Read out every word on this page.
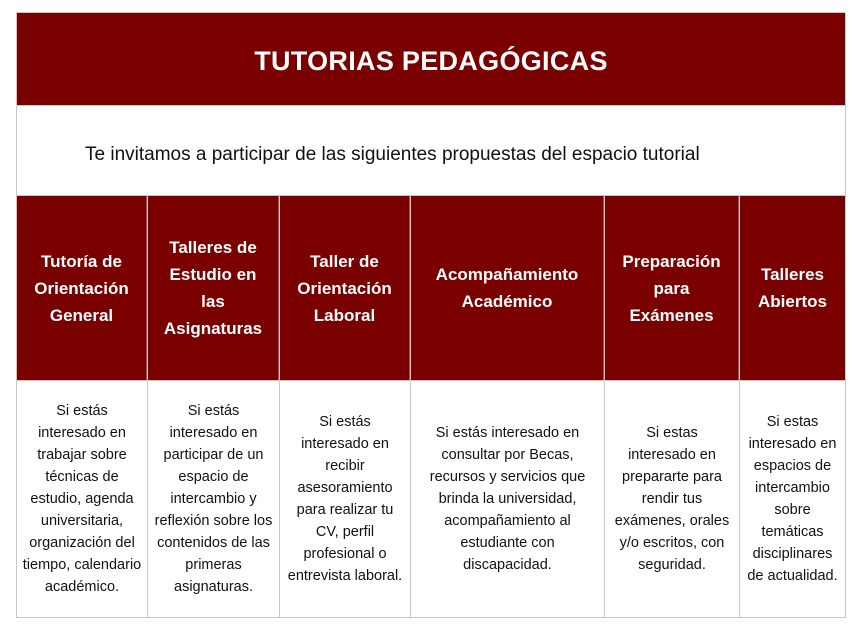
TUTORIAS PEDAGÓGICAS
Te invitamos a participar de las siguientes propuestas del espacio tutorial
Tutoría de Orientación General
Si estás interesado en trabajar sobre técnicas de estudio, agenda universitaria, organización del tiempo, calendario académico.
Talleres de Estudio en las Asignaturas
Si estás interesado en participar de un espacio de intercambio y reflexión sobre los contenidos de las primeras asignaturas.
Taller de Orientación Laboral
Si estás interesado en recibir asesoramiento para realizar tu CV, perfil profesional o entrevista laboral.
Acompañamiento Académico
Si estás interesado en consultar por Becas, recursos y servicios que brinda la universidad, acompañamiento al estudiante con discapacidad.
Preparación para Exámenes
Si estas interesado en prepararte para rendir tus exámenes, orales y/o escritos, con seguridad.
Talleres Abiertos
Si estas interesado en espacios de intercambio sobre temáticas disciplinares de actualidad.
